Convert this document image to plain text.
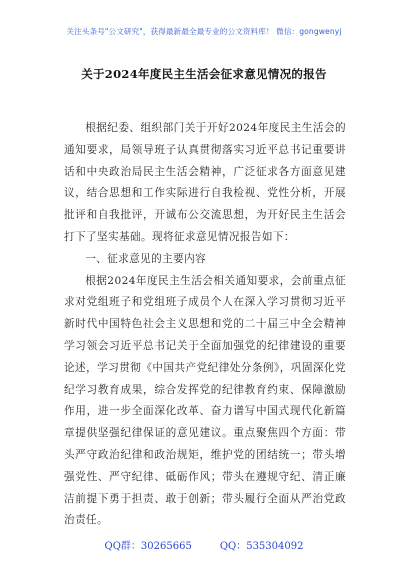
关注头条号"公文研究"，获得最新最全最专业的公文资料库！ 微信：gongwenyj
关于2024年度民主生活会征求意见情况的报告

根据纪委、组织部门关于开好2024年度民主生活会的通知要求，局领导班子认真贯彻落实习近平总书记重要讲话和中央政治局民主生活会精神，广泛征求各方面意见建议，结合思想和工作实际进行自我检视、党性分析，开展批评和自我批评，开诚布公交流思想，为开好民主生活会打下了坚实基础。现将征求意见情况报告如下：

一、征求意见的主要内容

根据2024年度民主生活会相关通知要求，会前重点征求对党组班子和党组班子成员个人在深入学习贯彻习近平新时代中国特色社会主义思想和党的二十届三中全会精神学习领会习近平总书记关于全面加强党的纪律建设的重要论述，学习贯彻《中国共产党纪律处分条例》，巩固深化党纪学习教育成果，综合发挥党的纪律教育约束、保障激励作用，进一步全面深化改革、奋力谱写中国式现代化新篇章提供坚强纪律保证的意见建议。重点聚焦四个方面：带头严守政治纪律和政治规矩，维护党的团结统一；带头增强党性、严守纪律、砥砺作风；带头在遵规守纪、清正廉洁前提下勇于担责、敢于创新；带头履行全面从严治党政治责任。

QQ群：30265665	QQ：535304092
